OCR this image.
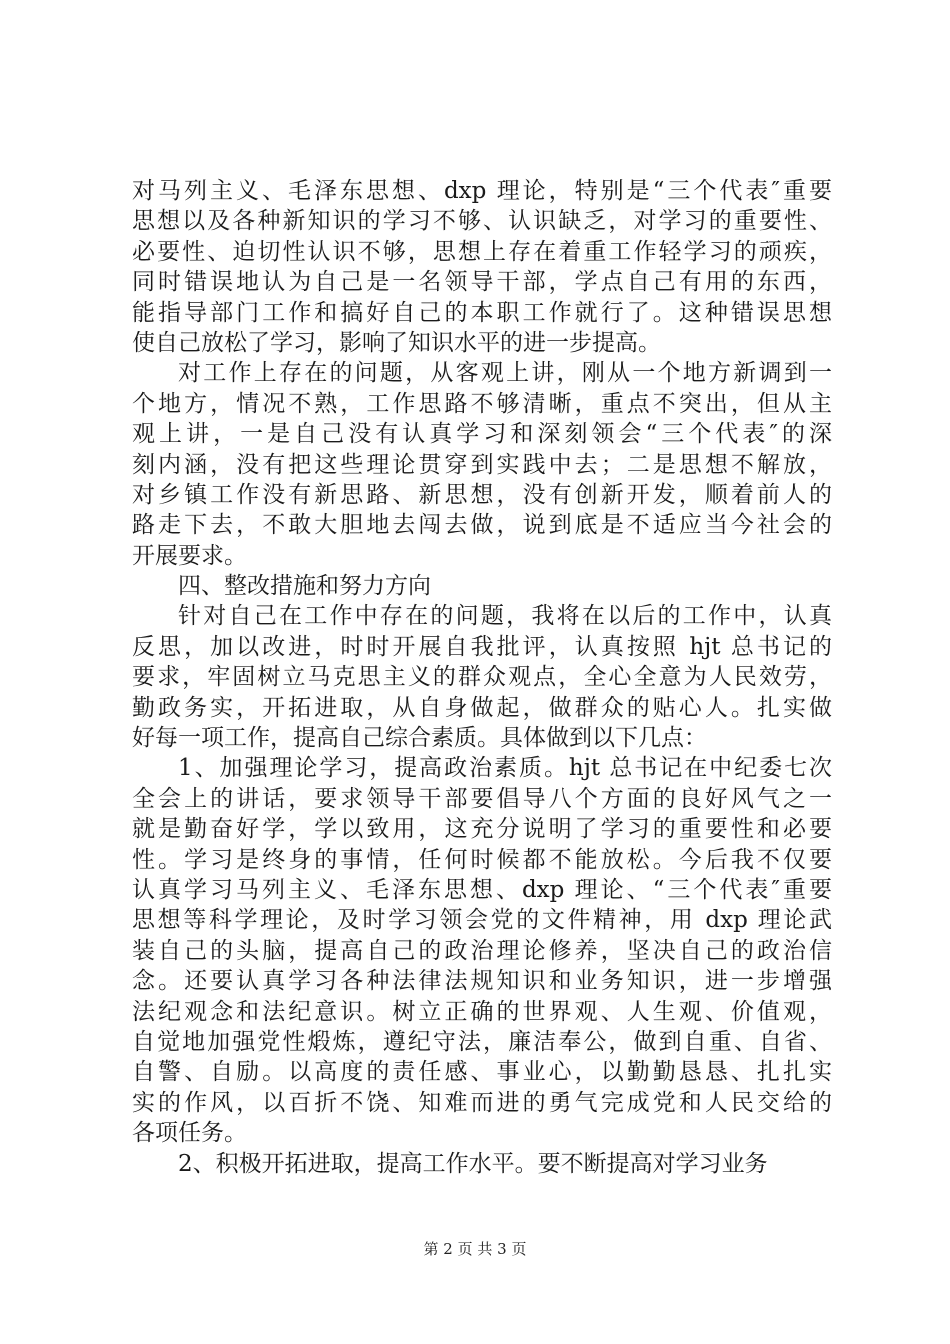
对马列主义、毛泽东思想、dxp 理论，特别是“三个代表″重要
思想以及各种新知识的学习不够、认识缺乏，对学习的重要性、
必要性、迫切性认识不够，思想上存在着重工作轻学习的顽疾，
同时错误地认为自己是一名领导干部，学点自己有用的东西，
能指导部门工作和搞好自己的本职工作就行了。这种错误思想
使自己放松了学习，影响了知识水平的进一步提高。
对工作上存在的问题，从客观上讲，刚从一个地方新调到一
个地方，情况不熟，工作思路不够清晰，重点不突出，但从主
观上讲，一是自己没有认真学习和深刻领会“三个代表″的深
刻内涵，没有把这些理论贯穿到实践中去；二是思想不解放，
对乡镇工作没有新思路、新思想，没有创新开发，顺着前人的
路走下去，不敢大胆地去闯去做，说到底是不适应当今社会的
开展要求。
四、整改措施和努力方向
针对自己在工作中存在的问题，我将在以后的工作中，认真
反思，加以改进，时时开展自我批评，认真按照 hjt 总书记的
要求，牢固树立马克思主义的群众观点，全心全意为人民效劳，
勤政务实，开拓进取，从自身做起，做群众的贴心人。扎实做
好每一项工作，提高自己综合素质。具体做到以下几点：
1、加强理论学习，提高政治素质。hjt 总书记在中纪委七次
全会上的讲话，要求领导干部要倡导八个方面的良好风气之一
就是勤奋好学，学以致用，这充分说明了学习的重要性和必要
性。学习是终身的事情，任何时候都不能放松。今后我不仅要
认真学习马列主义、毛泽东思想、dxp 理论、“三个代表″重要
思想等科学理论，及时学习领会党的文件精神，用 dxp 理论武
装自己的头脑，提高自己的政治理论修养，坚决自己的政治信
念。还要认真学习各种法律法规知识和业务知识，进一步增强
法纪观念和法纪意识。树立正确的世界观、人生观、价值观，
自觉地加强党性煅炼，遵纪守法，廉洁奉公，做到自重、自省、
自警、自励。以高度的责任感、事业心，以勤勤恳恳、扎扎实
实的作风，以百折不饶、知难而进的勇气完成党和人民交给的
各项任务。
2、积极开拓进取，提高工作水平。要不断提高对学习业务
第 2 页 共 3 页
